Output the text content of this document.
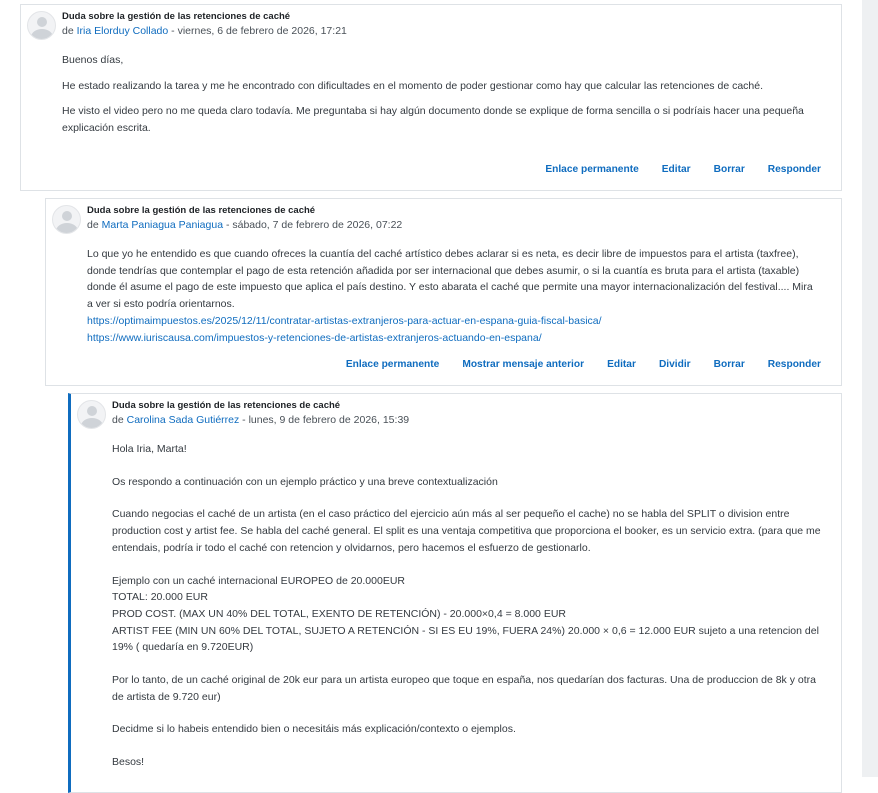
Duda sobre la gestión de las retenciones de caché
de Iria Elorduy Collado - viernes, 6 de febrero de 2026, 17:21

Buenos días,

He estado realizando la tarea y me he encontrado con dificultades en el momento de poder gestionar como hay que calcular las retenciones de caché.

He visto el video pero no me queda claro todavía. Me preguntaba si hay algún documento donde se explique de forma sencilla o si podríais hacer una pequeña explicación escrita.

Enlace permanente Editar Borrar Responder
Duda sobre la gestión de las retenciones de caché
de Marta Paniagua Paniagua - sábado, 7 de febrero de 2026, 07:22
Lo que yo he entendido es que cuando ofreces la cuantía del caché artístico debes aclarar si es neta, es decir libre de impuestos para el artista (taxfree), donde tendrías que contemplar el pago de esta retención añadida por ser internacional que debes asumir, o si la cuantía es bruta para el artista (taxable) donde él asume el pago de este impuesto que aplica el país destino. Y esto abarata el caché que permite una mayor internacionalización del festival.... Mira a ver si esto podría orientarnos.
https://optimaimpuestos.es/2025/12/11/contratar-artistas-extranjeros-para-actuar-en-espana-guia-fiscal-basica/
https://www.iuriscausa.com/impuestos-y-retenciones-de-artistas-extranjeros-actuando-en-espana/
Enlace permanente Mostrar mensaje anterior Editar Dividir Borrar Responder
Duda sobre la gestión de las retenciones de caché
de Carolina Sada Gutiérrez - lunes, 9 de febrero de 2026, 15:39

Hola Iria, Marta!

Os respondo a continuación con un ejemplo práctico y una breve contextualización

Cuando negocias el caché de un artista (en el caso práctico del ejercicio aún más al ser pequeño el cache) no se habla del SPLIT o division entre production cost y artist fee. Se habla del caché general. El split es una ventaja competitiva que proporciona el booker, es un servicio extra. (para que me entendais, podría ir todo el caché con retencion y olvidarnos, pero hacemos el esfuerzo de gestionarlo.

Ejemplo con un caché internacional EUROPEO de 20.000EUR
TOTAL: 20.000 EUR
PROD COST. (MAX UN 40% DEL TOTAL, EXENTO DE RETENCIÓN) - 20.000×0,4 = 8.000 EUR
ARTIST FEE (MIN UN 60% DEL TOTAL, SUJETO A RETENCIÓN - SI ES EU 19%, FUERA 24%) 20.000 × 0,6 = 12.000 EUR sujeto a una retencion del 19% ( quedaría en 9.720EUR)

Por lo tanto, de un caché original de 20k eur para un artista europeo que toque en españa, nos quedarían dos facturas. Una de produccion de 8k y otra de artista de 9.720 eur)

Decidme si lo habeis entendido bien o necesitáis más explicación/contexto o ejemplos.

Besos!
